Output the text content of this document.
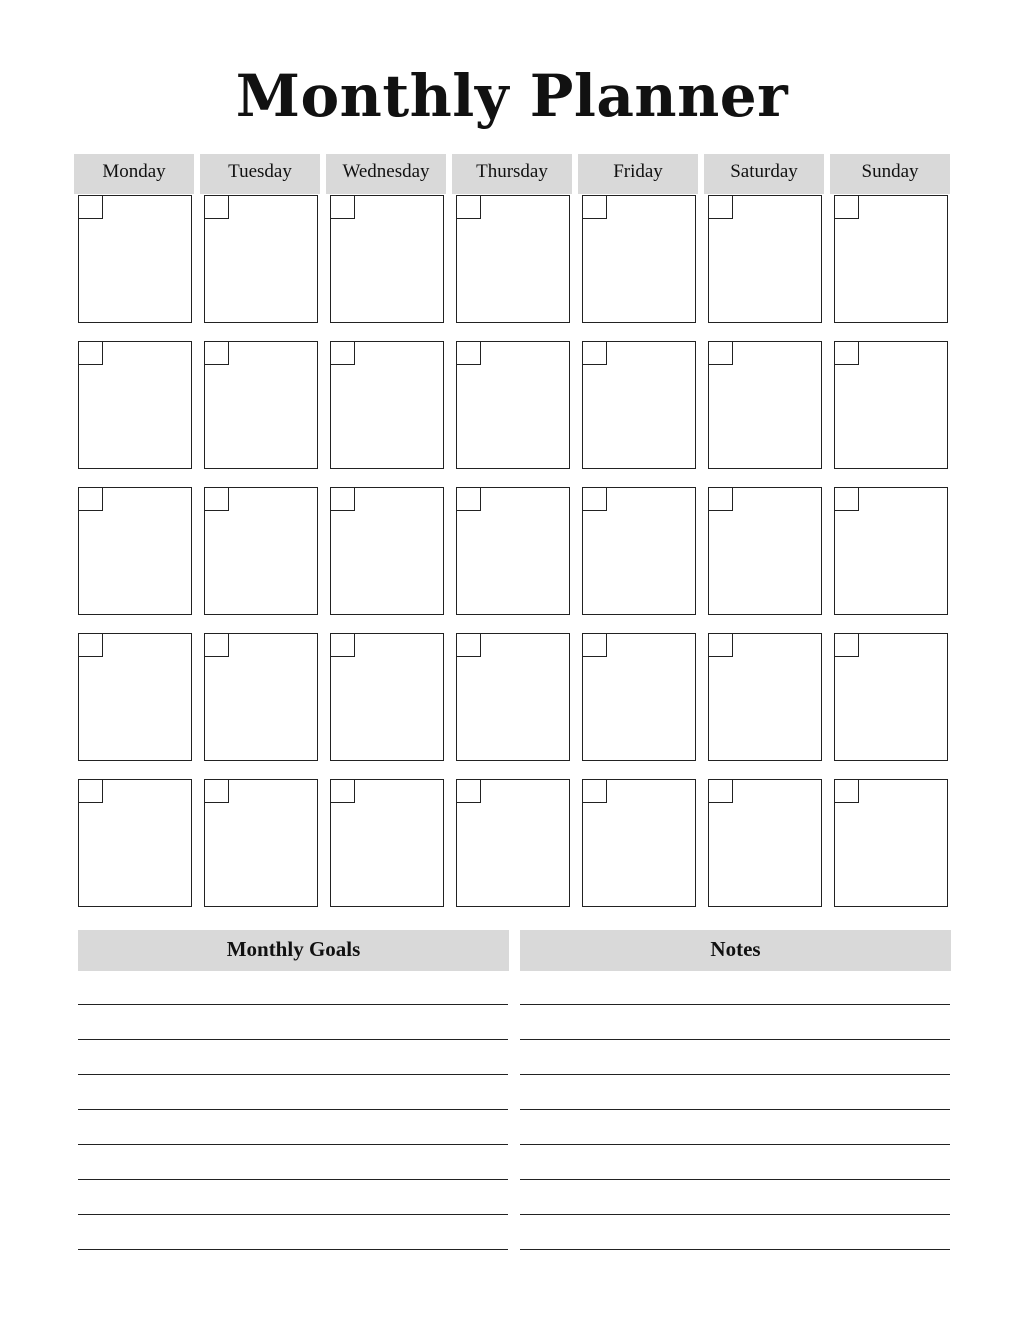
Monthly Planner
Monday	Tuesday	Wednesday	Thursday	Friday	Saturday	Sunday
Monthly Goals	Notes
